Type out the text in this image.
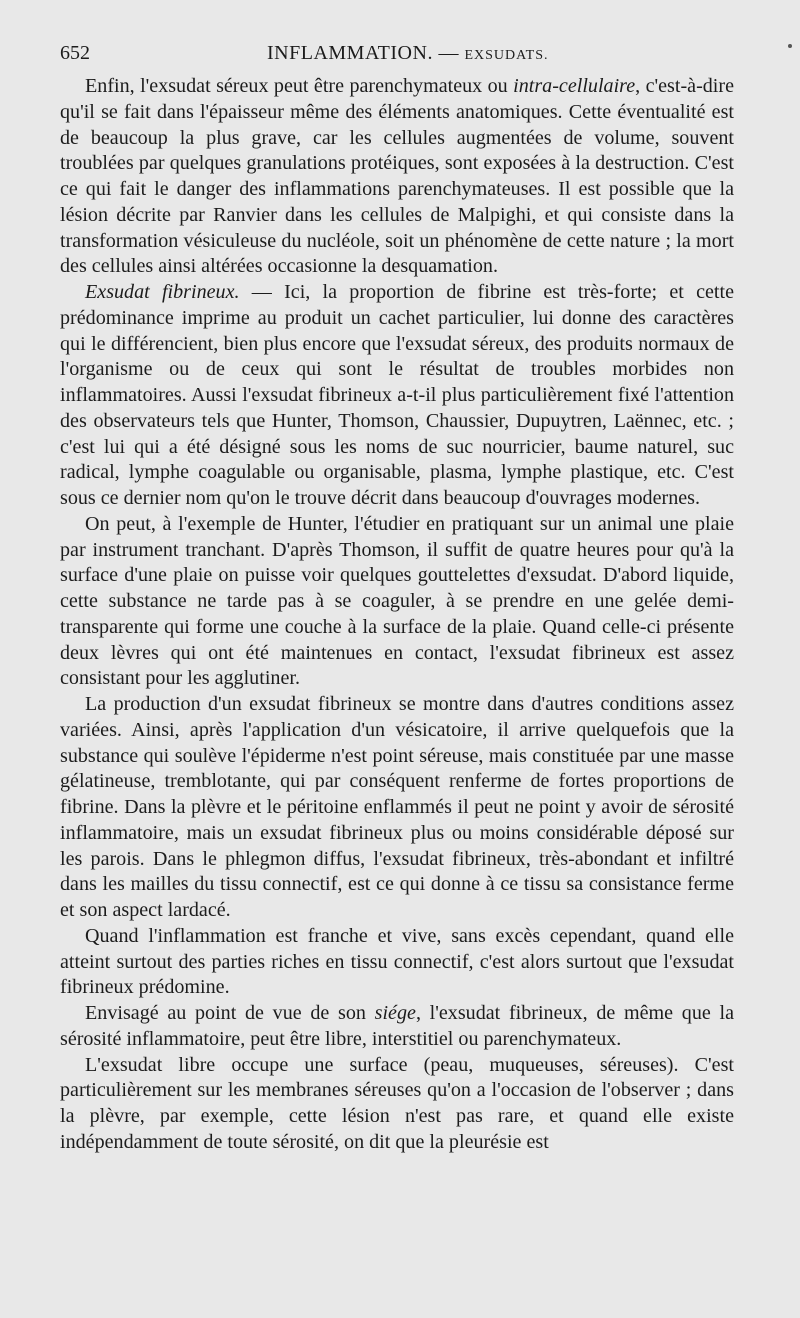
652	INFLAMMATION. — EXSUDATS.

Enfin, l'exsudat séreux peut être parenchymateux ou intra-cellulaire, c'est-à-dire qu'il se fait dans l'épaisseur même des éléments anatomiques. Cette éventualité est de beaucoup la plus grave, car les cellules augmentées de volume, souvent troublées par quelques granulations protéiques, sont exposées à la destruction. C'est ce qui fait le danger des inflammations parenchymateuses. Il est possible que la lésion décrite par Ranvier dans les cellules de Malpighi, et qui consiste dans la transformation vésiculeuse du nucléole, soit un phénomène de cette nature ; la mort des cellules ainsi altérées occasionne la desquamation.

Exsudat fibrineux. — Ici, la proportion de fibrine est très-forte; et cette prédominance imprime au produit un cachet particulier, lui donne des caractères qui le différencient, bien plus encore que l'exsudat séreux, des produits normaux de l'organisme ou de ceux qui sont le résultat de troubles morbides non inflammatoires. Aussi l'exsudat fibrineux a-t-il plus particulièrement fixé l'attention des observateurs tels que Hunter, Thomson, Chaussier, Dupuytren, Laënnec, etc. ; c'est lui qui a été désigné sous les noms de suc nourricier, baume naturel, suc radical, lymphe coagulable ou organisable, plasma, lymphe plastique, etc. C'est sous ce dernier nom qu'on le trouve décrit dans beaucoup d'ouvrages modernes.

On peut, à l'exemple de Hunter, l'étudier en pratiquant sur un animal une plaie par instrument tranchant. D'après Thomson, il suffit de quatre heures pour qu'à la surface d'une plaie on puisse voir quelques gouttelettes d'exsudat. D'abord liquide, cette substance ne tarde pas à se coaguler, à se prendre en une gelée demi-transparente qui forme une couche à la surface de la plaie. Quand celle-ci présente deux lèvres qui ont été maintenues en contact, l'exsudat fibrineux est assez consistant pour les agglutiner.

La production d'un exsudat fibrineux se montre dans d'autres conditions assez variées. Ainsi, après l'application d'un vésicatoire, il arrive quelquefois que la substance qui soulève l'épiderme n'est point séreuse, mais constituée par une masse gélatineuse, tremblotante, qui par conséquent renferme de fortes proportions de fibrine. Dans la plèvre et le péritoine enflammés il peut ne point y avoir de sérosité inflammatoire, mais un exsudat fibrineux plus ou moins considérable déposé sur les parois. Dans le phlegmon diffus, l'exsudat fibrineux, très-abondant et infiltré dans les mailles du tissu connectif, est ce qui donne à ce tissu sa consistance ferme et son aspect lardacé.

Quand l'inflammation est franche et vive, sans excès cependant, quand elle atteint surtout des parties riches en tissu connectif, c'est alors surtout que l'exsudat fibrineux prédomine.

Envisagé au point de vue de son siége, l'exsudat fibrineux, de même que la sérosité inflammatoire, peut être libre, interstitiel ou parenchymateux.

L'exsudat libre occupe une surface (peau, muqueuses, séreuses). C'est particulièrement sur les membranes séreuses qu'on a l'occasion de l'observer ; dans la plèvre, par exemple, cette lésion n'est pas rare, et quand elle existe indépendamment de toute sérosité, on dit que la pleurésie est
